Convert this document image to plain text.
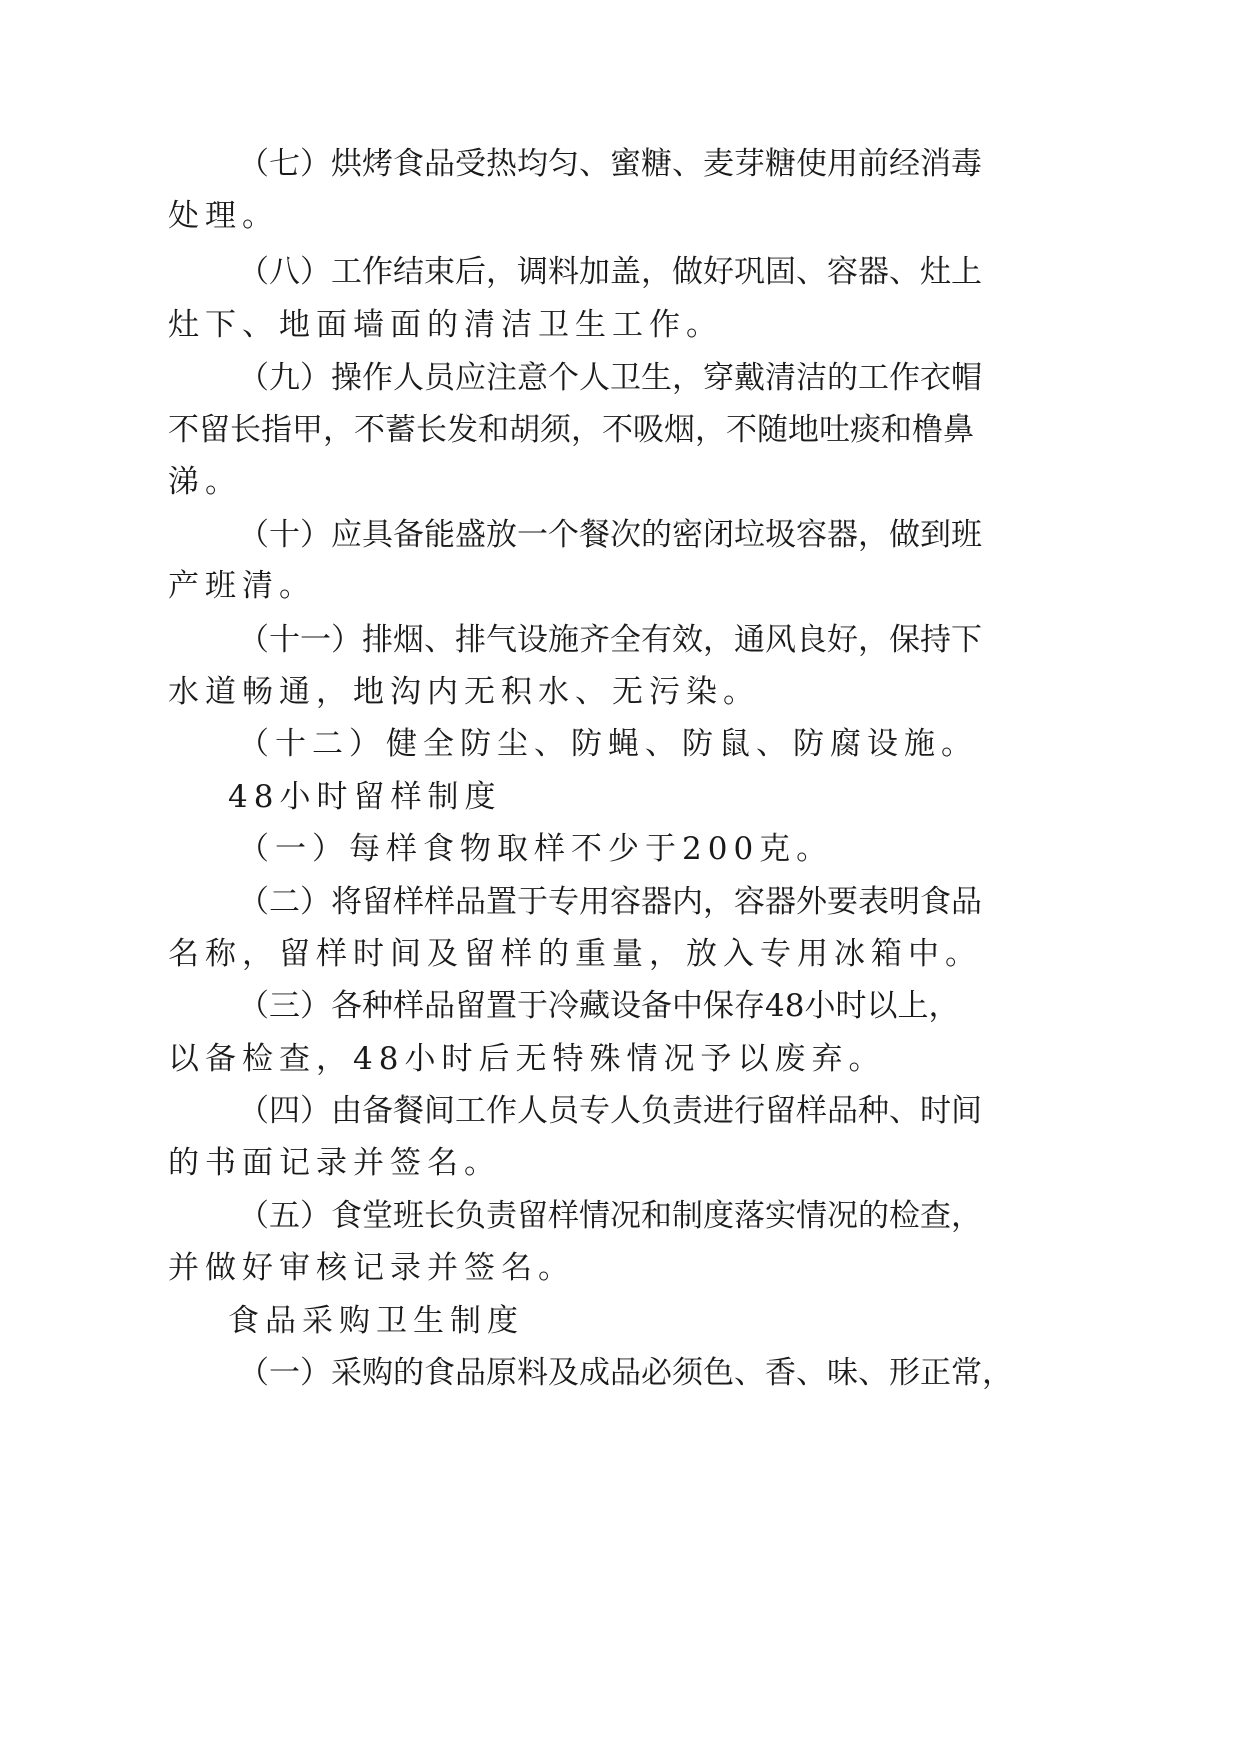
（ 七 ） 烘 烤 食 品 受 热 均 匀 、 蜜 糖 、 麦 芽 糖 使 用 前 经 消 毒
处理。
（ 八 ） 工 作 结 束 后 ， 调 料 加 盖 ， 做 好 巩 固 、 容 器 、 灶 上
灶下、地面墙面的清洁卫生工作。
（ 九 ） 操 作 人 员 应 注 意 个 人 卫 生 ， 穿 戴 清 洁 的 工 作 衣 帽
不 留 长 指 甲 ， 不 蓄 长 发 和 胡 须 ， 不 吸 烟 ， 不 随 地 吐 痰 和 橹 鼻
涕。
（ 十 ） 应 具 备 能 盛 放 一 个 餐 次 的 密 闭 垃 圾 容 器 ， 做 到 班
产班清。
（ 十 一 ） 排 烟 、 排 气 设 施 齐 全 有 效 ， 通 风 良 好 ， 保 持 下
水道畅通，地沟内无积水、无污染。
（十二）健全防尘、防蝇、防鼠、防腐设施。
48小时留样制度
（一）每样食物取样不少于200克。
（ 二 ） 将 留 样 样 品 置 于 专 用 容 器 内 ， 容 器 外 要 表 明 食 品
名称，留样时间及留样的重量，放入专用冰箱中。
（ 三 ） 各 种 样 品 留 置 于 冷 藏 设 备 中 保 存 48 小 时 以 上 ，
以备检查，48小时后无特殊情况予以废弃。
（ 四 ） 由 备 餐 间 工 作 人 员 专 人 负 责 进 行 留 样 品 种 、 时 间
的书面记录并签名。
（ 五 ） 食 堂 班 长 负 责 留 样 情 况 和 制 度 落 实 情 况 的 检 查 ，
并做好审核记录并签名。
食品采购卫生制度
（ 一 ） 采 购 的 食 品 原 料 及 成 品 必 须 色 、 香 、 味 、 形 正 常 ，
